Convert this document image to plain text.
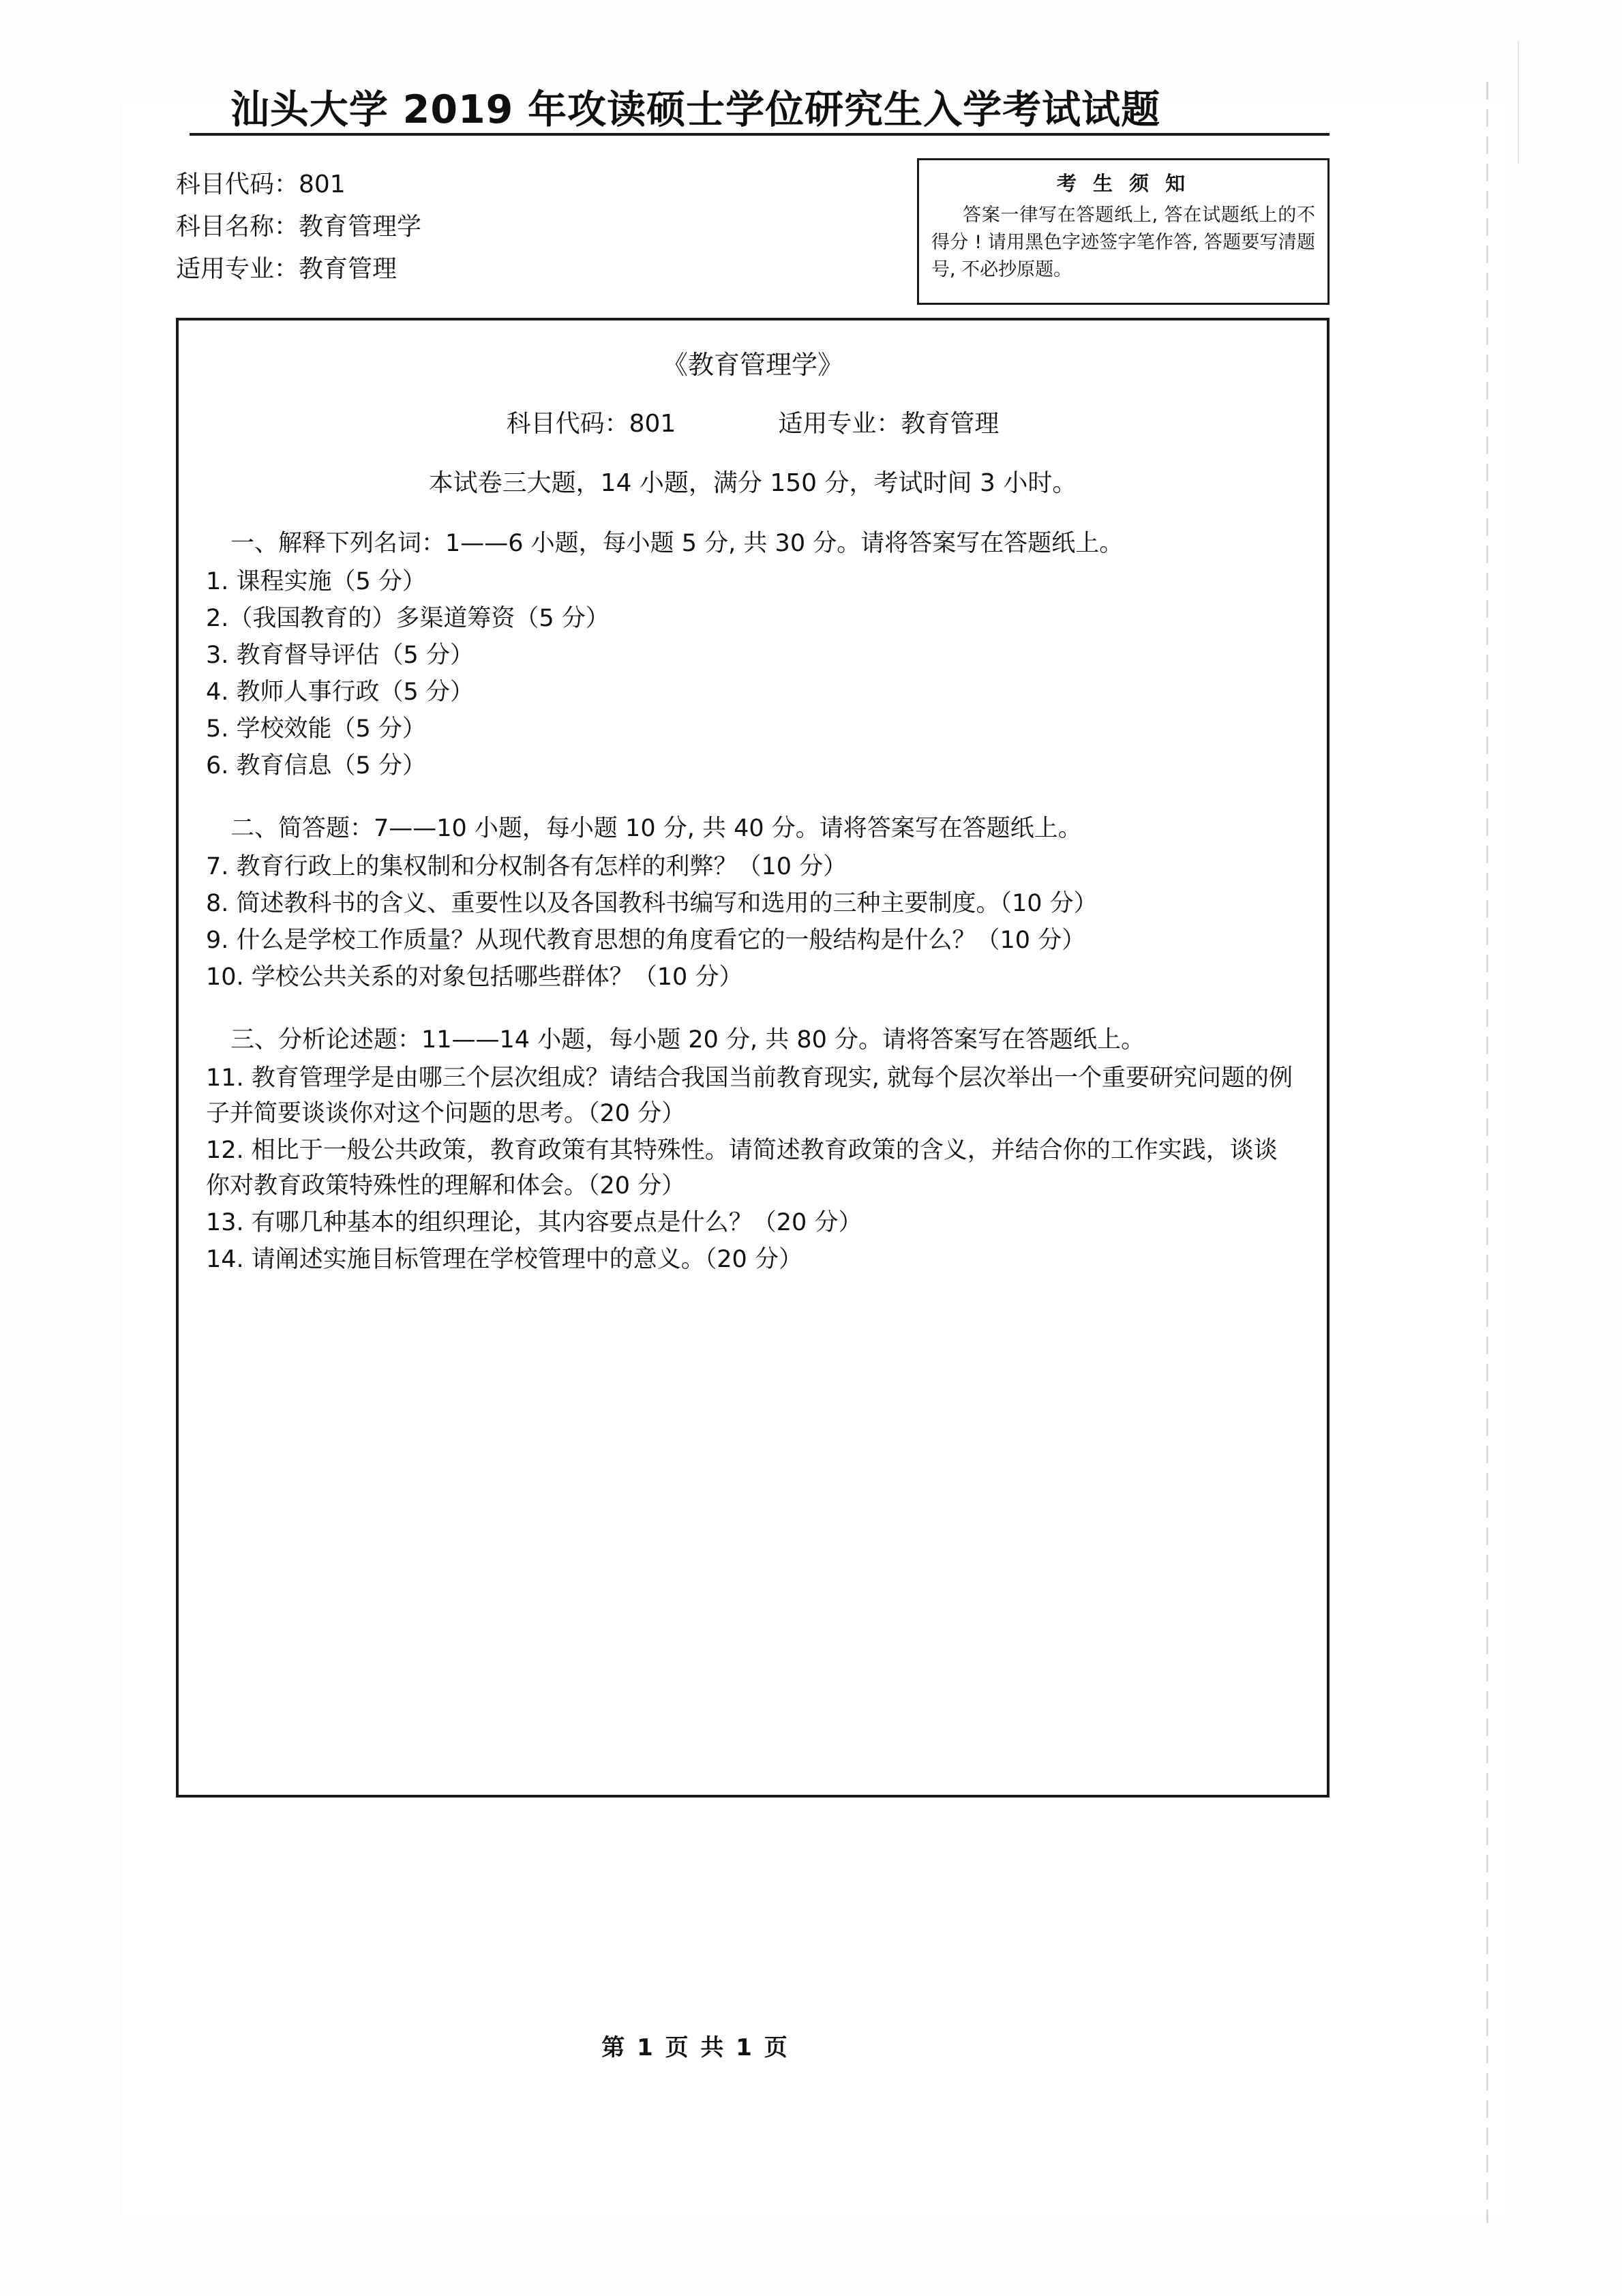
汕头大学 2019 年攻读硕士学位研究生入学考试试题
科目代码：801
科目名称：教育管理学
适用专业：教育管理
考 生 须 知
答案一律写在答题纸上, 答在试题纸上的不得分 ! 请用黑色字迹签字笔作答, 答题要写清题号, 不必抄原题。
《教育管理学》
科目代码：801	适用专业：教育管理
本试卷三大题，14 小题，满分 150 分，考试时间 3 小时。
一、解释下列名词：1——6 小题，每小题 5 分, 共 30 分。请将答案写在答题纸上。
1. 课程实施（5 分）
2.（我国教育的）多渠道筹资（5 分）
3. 教育督导评估（5 分）
4. 教师人事行政（5 分）
5. 学校效能（5 分）
6. 教育信息（5 分）
二、简答题：7——10 小题，每小题 10 分, 共 40 分。请将答案写在答题纸上。
7. 教育行政上的集权制和分权制各有怎样的利弊？（10 分）
8. 简述教科书的含义、重要性以及各国教科书编写和选用的三种主要制度。（10 分）
9. 什么是学校工作质量？从现代教育思想的角度看它的一般结构是什么？（10 分）
10. 学校公共关系的对象包括哪些群体？（10 分）
三、分析论述题：11——14 小题，每小题 20 分, 共 80 分。请将答案写在答题纸上。
11. 教育管理学是由哪三个层次组成？请结合我国当前教育现实, 就每个层次举出一个重要研究问题的例子并简要谈谈你对这个问题的思考。（20 分）
12. 相比于一般公共政策，教育政策有其特殊性。请简述教育政策的含义，并结合你的工作实践，谈谈你对教育政策特殊性的理解和体会。（20 分）
13. 有哪几种基本的组织理论，其内容要点是什么？（20 分）
14. 请阐述实施目标管理在学校管理中的意义。（20 分）
第 1 页 共 1 页
